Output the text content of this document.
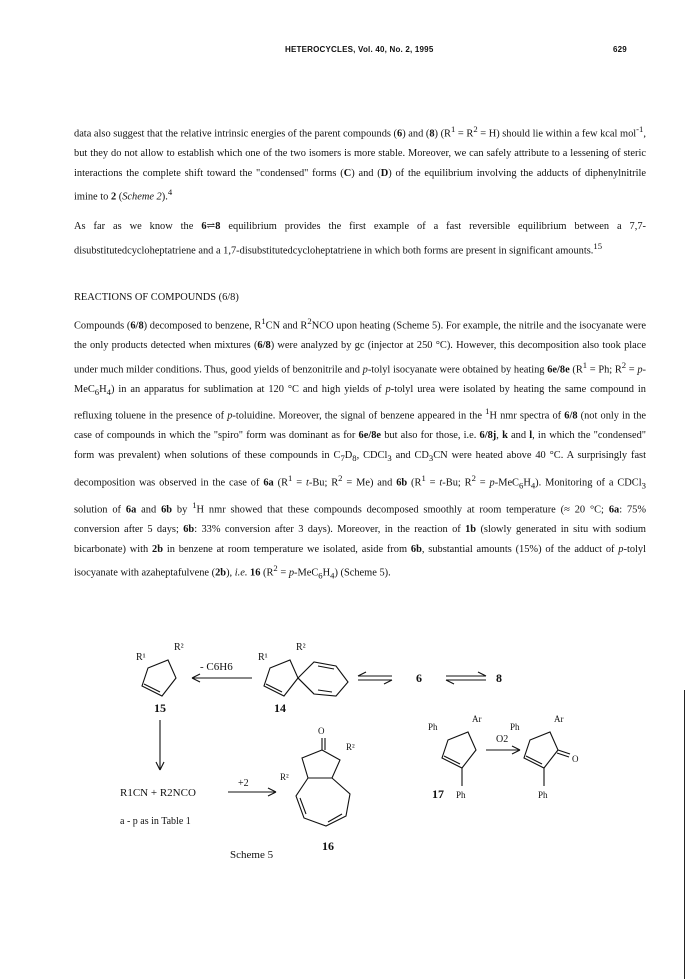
HETEROCYCLES, Vol. 40, No. 2, 1995	629

data also suggest that the relative intrinsic energies of the parent compounds (6) and (8) $(R^1 = R^2 = H)$ should lie within a few kcal mol$^{-1}$, but they do not allow to establish which one of the two isomers is more stable. Moreover, we can safely attribute to a lessening of steric interactions the complete shift toward the "condensed" forms (C) and (D) of the equilibrium involving the adducts of diphenylnitrile imine to 2 (Scheme 2).$^4$

As far as we know the 6⇌8 equilibrium provides the first example of a fast reversible equilibrium between a 7,7-disubstitutedcycloheptatriene and a 1,7-disubstitutedcycloheptatriene in which both forms are present in significant amounts.$^{15}$

REACTIONS OF COMPOUNDS (6/8)

Compounds (6/8) decomposed to benzene, $R^1CN$ and $R^2NCO$ upon heating (Scheme 5). For example, the nitrile and the isocyanate were the only products detected when mixtures (6/8) were analyzed by gc (injector at 250 °C). However, this decomposition also took place under much milder conditions. Thus, good yields of benzonitrile and p-tolyl isocyanate were obtained by heating 6e/8e ($R^1 = Ph$; $R^2 = p-MeC_6H_4$) in an apparatus for sublimation at 120 °C and high yields of p-tolyl urea were isolated by heating the same compound in refluxing toluene in the presence of p-toluidine. Moreover, the signal of benzene appeared in the $^1$H nmr spectra of 6/8 (not only in the case of compounds in which the "spiro" form was dominant as for 6e/8e but also for those, i.e. 6/8j, k and l, in which the "condensed" form was prevalent) when solutions of these compounds in $C_7D_8$, CDCl$_3$ and $CD_3CN$ were heated above 40 °C. A surprisingly fast decomposition was observed in the case of 6a ($R^1 = t-Bu$; $R^2 = Me$) and 6b ($R^1 = t-Bu$; $R^2 = p-MeC_6H_4$). Monitoring of a CDCl$_3$ solution of 6a and 6b by $^1$H nmr showed that these compounds decomposed smoothly at room temperature (≈ 20 °C; 6a: 75% conversion after 5 days; 6b: 33% conversion after 3 days). Moreover, in the reaction of 1b (slowly generated in situ with sodium bicarbonate) with 2b in benzene at room temperature we isolated, aside from 6b, substantial amounts (15%) of the adduct of p-tolyl isocyanate with azaheptafulvene (2b), i.e. 16 $(R^2 = p-MeC_6H_4)$ (Scheme 5).

R¹
R²
R¹
R²
- C6H6
15	14
6	8
R1CN + R2NCO
+2
a - p as in Table 1
R²
R²
O
16
Scheme 5
Ph
Ar
Ph
17
O2
Ph
Ar
O
Ph
